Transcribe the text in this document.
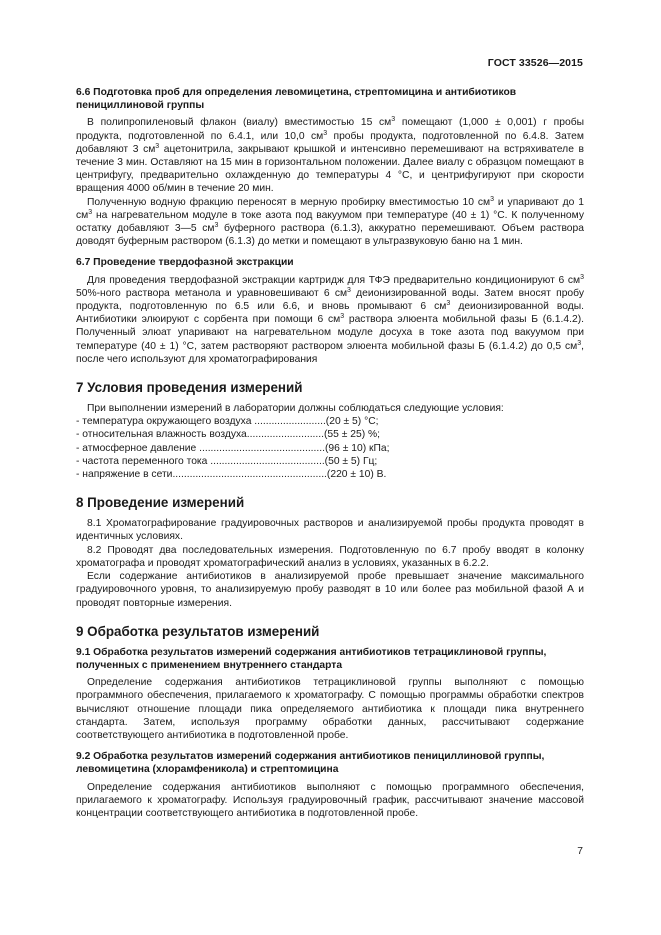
ГОСТ 33526—2015
6.6 Подготовка проб для определения левомицетина, стрептомицина и антибиотиков пенициллиновой группы

В полипропиленовый флакон (виалу) вместимостью 15 $см^3$ помещают (1,000 ± 0,001) г пробы продукта, подготовленной по 6.4.1, или 10,0 $см^3$ пробы продукта, подготовленной по 6.4.8. Затем добавляют 3 $см^3$ ацетонитрила, закрывают крышкой и интенсивно перемешивают на встряхивателе в течение 3 мин. Оставляют на 15 мин в горизонтальном положении. Далее виалу с образцом помещают в центрифугу, предварительно охлажденную до температуры 4 °С, и центрифугируют при скорости вращения 4000 об/мин в течение 20 мин.

Полученную водную фракцию переносят в мерную пробирку вместимостью 10 $см^3$ и упаривают до 1 $см^3$ на нагревательном модуле в токе азота под вакуумом при температуре (40 ± 1) °С. К полученному остатку добавляют 3—5 $см^3$ буферного раствора (6.1.3), аккуратно перемешивают. Объем раствора доводят буферным раствором (6.1.3) до метки и помещают в ультразвуковую баню на 1 мин.

6.7 Проведение твердофазной экстракции

Для проведения твердофазной экстракции картридж для ТФЭ предварительно кондиционируют 6 $см^3$ 50%-ного раствора метанола и уравновешивают 6 $см^3$ деионизированной воды. Затем вносят пробу продукта, подготовленную по 6.5 или 6.6, и вновь промывают 6 $см^3$ деионизированной воды. Антибиотики элюируют с сорбента при помощи 6 $см^3$ раствора элюента мобильной фазы Б (6.1.4.2). Полученный элюат упаривают на нагревательном модуле досуха в токе азота под вакуумом при температуре (40 ± 1) °С, затем растворяют раствором элюента мобильной фазы Б (6.1.4.2) до 0,5 $см^3$, после чего используют для хроматографирования

7 Условия проведения измерений

При выполнении измерений в лаборатории должны соблюдаться следующие условия:

- температура окружающего воздуха .........................(20 ± 5) °С;

- относительная влажность воздуха...........................(55 ± 25) %;

- атмосферное давление ............................................(96 ± 10) кПа;

- частота переменного тока ........................................(50 ± 5) Гц;

- напряжение в сети......................................................(220 ± 10) В.

8 Проведение измерений

8.1 Хроматографирование градуировочных растворов и анализируемой пробы продукта проводят в идентичных условиях.

8.2 Проводят два последовательных измерения. Подготовленную по 6.7 пробу вводят в колонку хроматографа и проводят хроматографический анализ в условиях, указанных в 6.2.2.

Если содержание антибиотиков в анализируемой пробе превышает значение максимального градуировочного уровня, то анализируемую пробу разводят в 10 или более раз мобильной фазой А и проводят повторные измерения.

9 Обработка результатов измерений
9.1 Обработка результатов измерений содержания антибиотиков тетрациклиновой группы, полученных с применением внутреннего стандарта

Определение содержания антибиотиков тетрациклиновой группы выполняют с помощью программного обеспечения, прилагаемого к хроматографу. С помощью программы обработки спектров вычисляют отношение площади пика определяемого антибиотика к площади пика внутреннего стандарта. Затем, используя программу обработки данных, рассчитывают содержание соответствующего антибиотика в подготовленной пробе.

9.2 Обработка результатов измерений содержания антибиотиков пенициллиновой группы, левомицетина (хлорамфеникола) и стрептомицина

Определение содержания антибиотиков выполняют с помощью программного обеспечения, прилагаемого к хроматографу. Используя градуировочный график, рассчитывают значение массовой концентрации соответствующего антибиотика в подготовленной пробе.

7
